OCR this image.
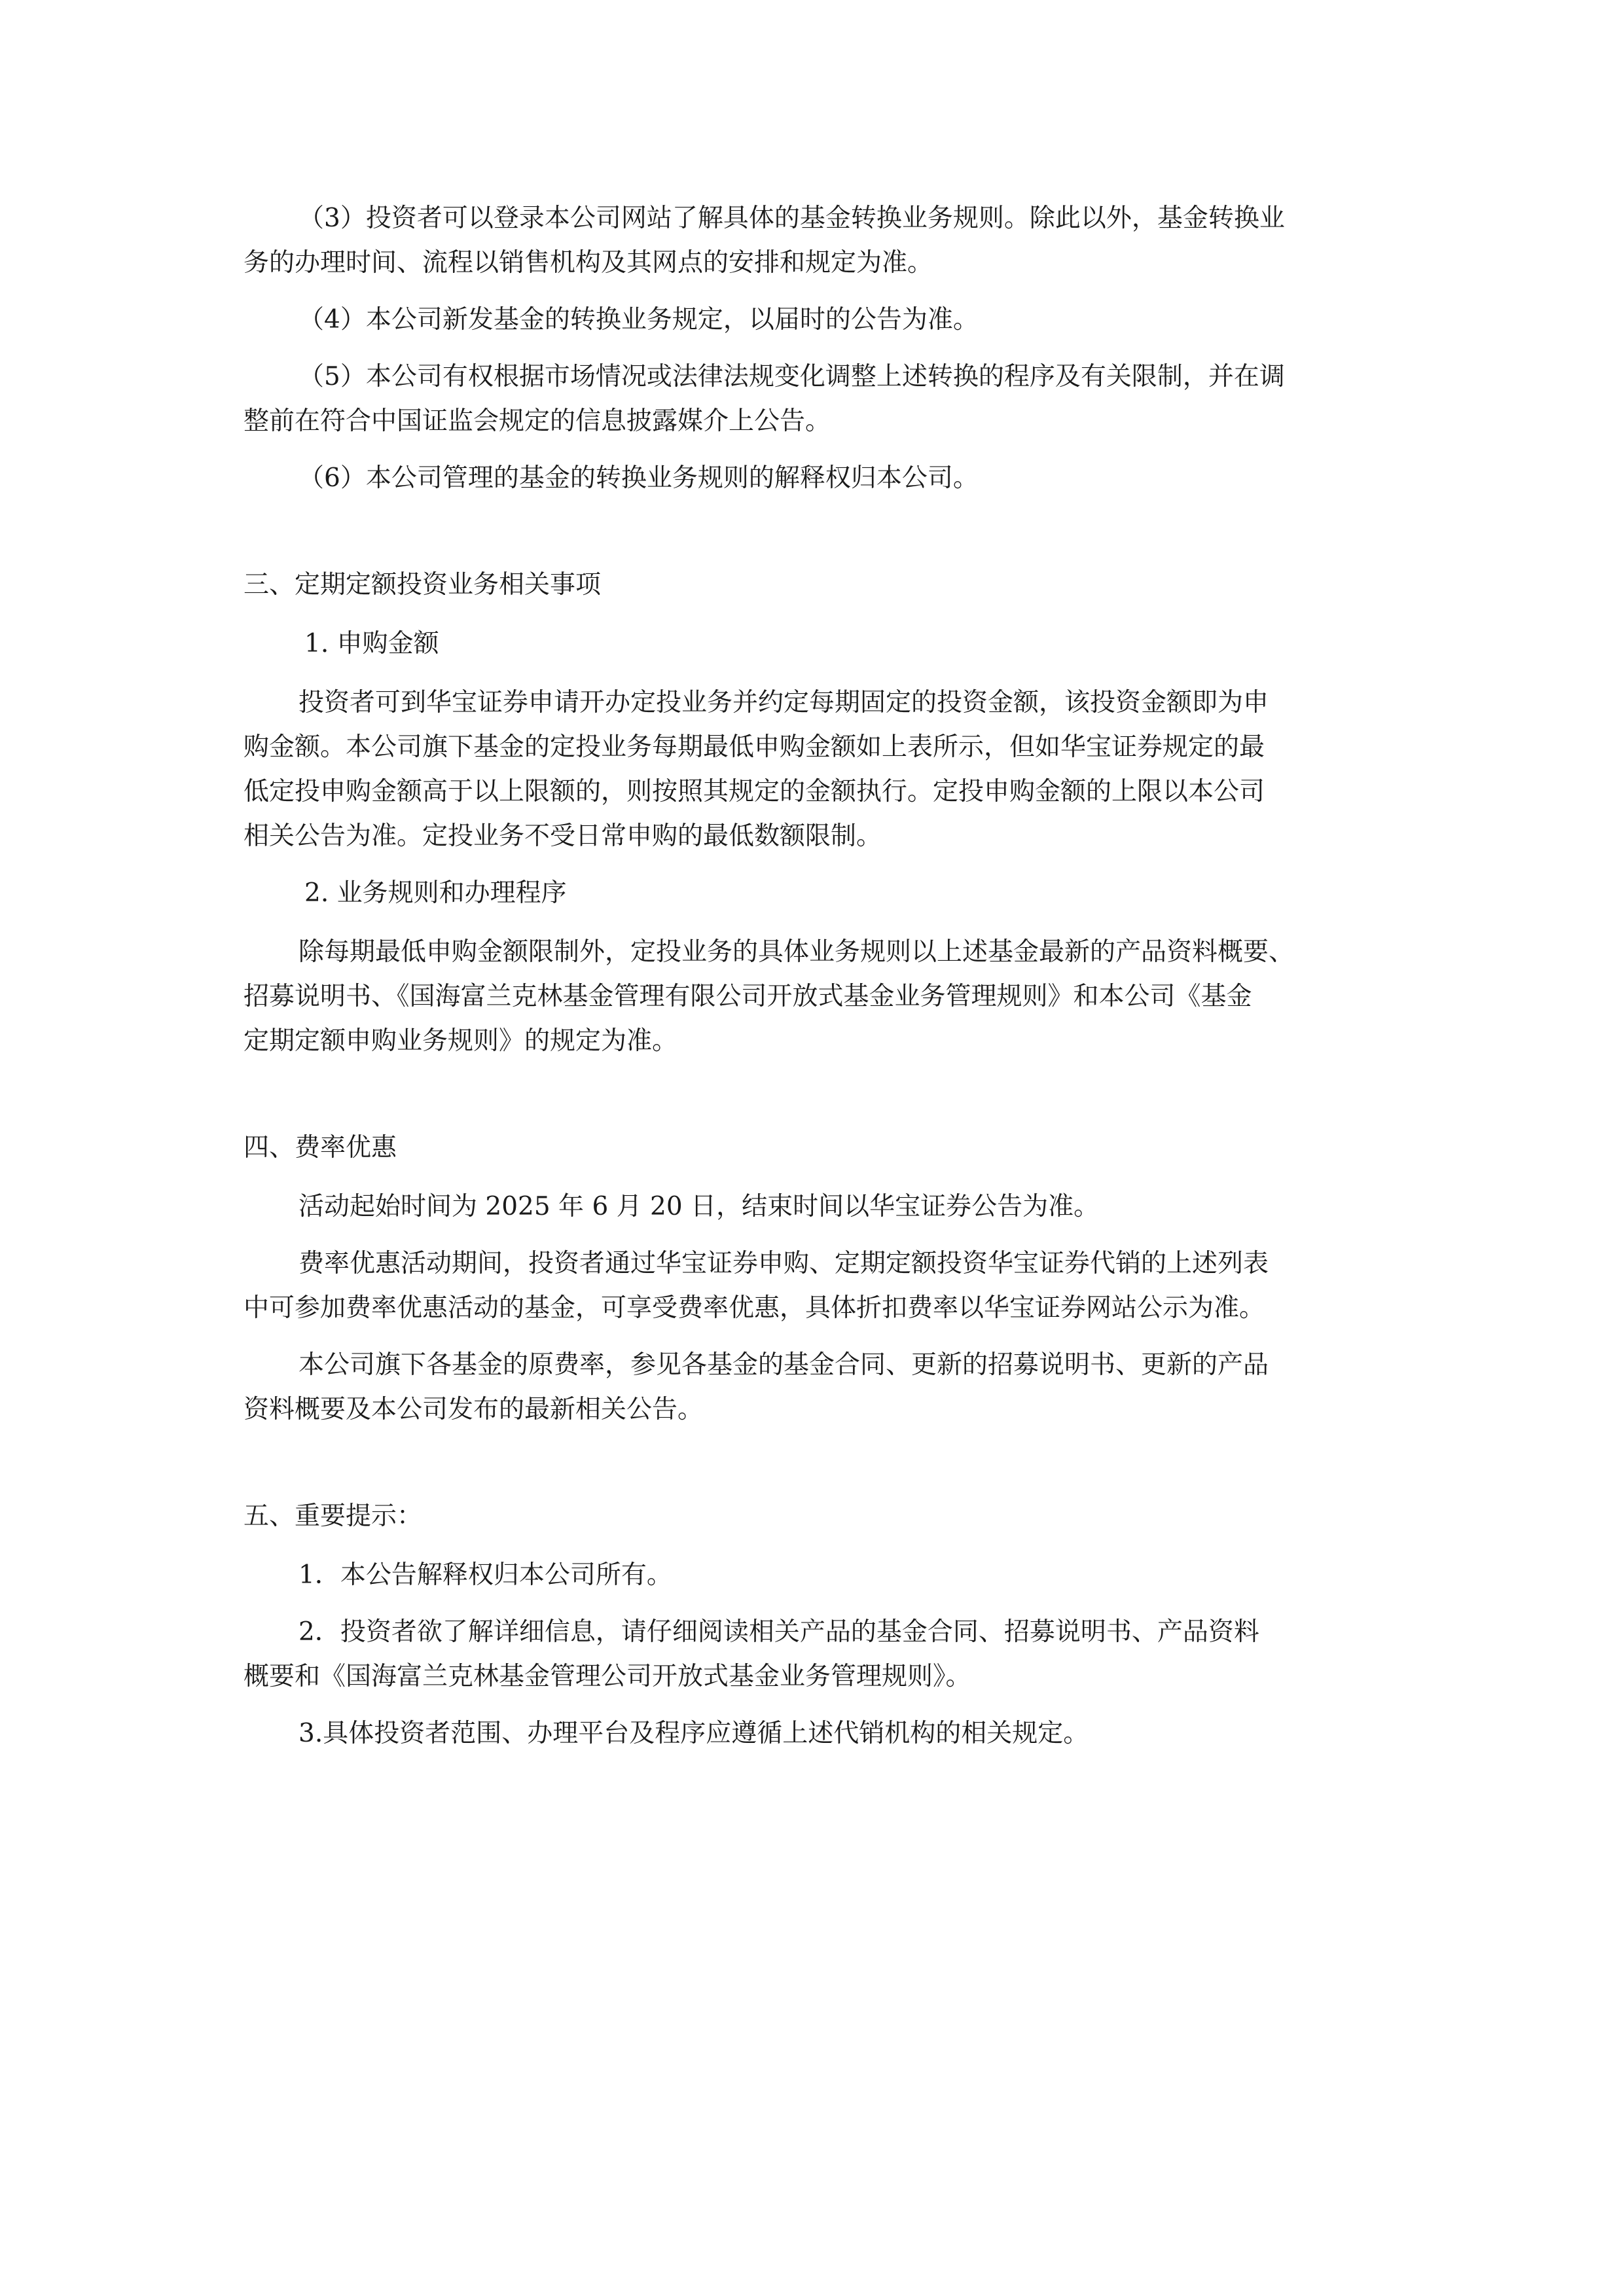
（3）投资者可以登录本公司网站了解具体的基金转换业务规则。除此以外，基金转换业
务的办理时间、流程以销售机构及其网点的安排和规定为准。
（4）本公司新发基金的转换业务规定，以届时的公告为准。
（5）本公司有权根据市场情况或法律法规变化调整上述转换的程序及有关限制，并在调
整前在符合中国证监会规定的信息披露媒介上公告。
（6）本公司管理的基金的转换业务规则的解释权归本公司。
三、定期定额投资业务相关事项
1. 申购金额
投资者可到华宝证券申请开办定投业务并约定每期固定的投资金额，该投资金额即为申
购金额。本公司旗下基金的定投业务每期最低申购金额如上表所示，但如华宝证券规定的最
低定投申购金额高于以上限额的，则按照其规定的金额执行。定投申购金额的上限以本公司
相关公告为准。定投业务不受日常申购的最低数额限制。
2. 业务规则和办理程序
除每期最低申购金额限制外，定投业务的具体业务规则以上述基金最新的产品资料概要、
招募说明书、《国海富兰克林基金管理有限公司开放式基金业务管理规则》和本公司《基金
定期定额申购业务规则》的规定为准。
四、费率优惠
活动起始时间为 2025 年 6 月 20 日，结束时间以华宝证券公告为准。
费率优惠活动期间，投资者通过华宝证券申购、定期定额投资华宝证券代销的上述列表
中可参加费率优惠活动的基金，可享受费率优惠，具体折扣费率以华宝证券网站公示为准。
本公司旗下各基金的原费率，参见各基金的基金合同、更新的招募说明书、更新的产品
资料概要及本公司发布的最新相关公告。
五、重要提示：
1．本公告解释权归本公司所有。
2．投资者欲了解详细信息，请仔细阅读相关产品的基金合同、招募说明书、产品资料
概要和《国海富兰克林基金管理公司开放式基金业务管理规则》。
3.具体投资者范围、办理平台及程序应遵循上述代销机构的相关规定。
